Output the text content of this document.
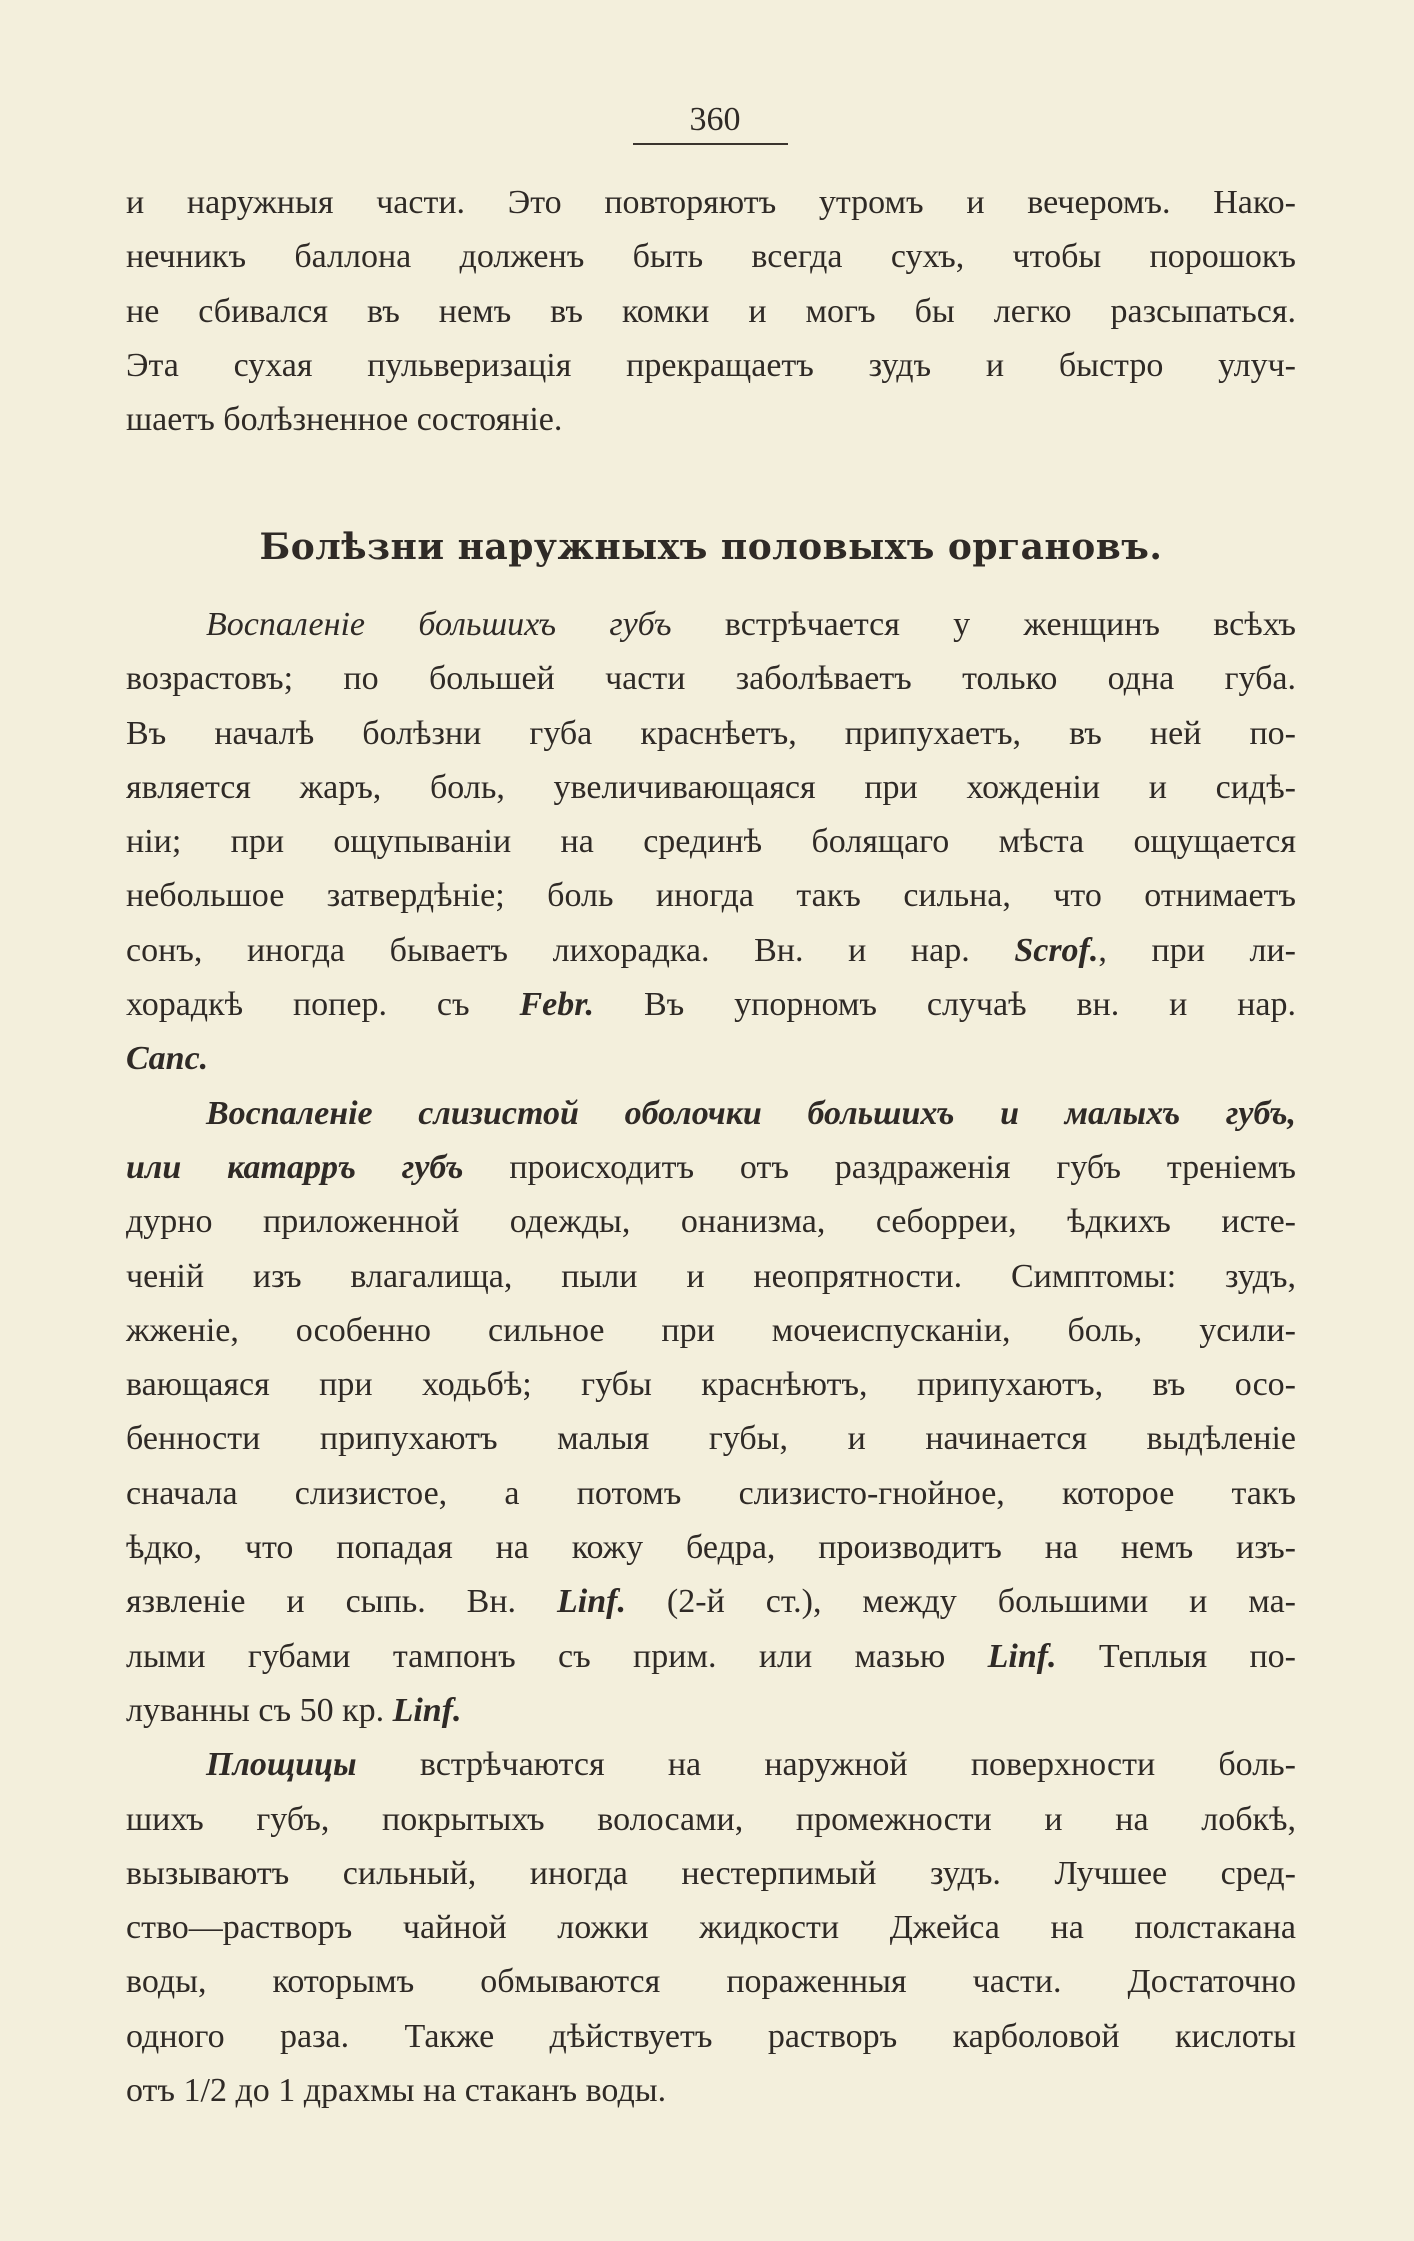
360
и наружныя части. Это повторяютъ утромъ и вечеромъ. Нако-
нечникъ баллона долженъ быть всегда сухъ, чтобы порошокъ
не сбивался въ немъ въ комки и могъ бы легко разсыпаться.
Эта сухая пульверизація прекращаетъ зудъ и быстро улуч-
шаетъ болѣзненное состояніе.
Болѣзни наружныхъ половыхъ органовъ.
Воспаленіе большихъ губъ встрѣчается у женщинъ всѣхъ
возрастовъ; по большей части заболѣваетъ только одна губа.
Въ началѣ болѣзни губа краснѣетъ, припухаетъ, въ ней по-
является жаръ, боль, увеличивающаяся при хожденіи и сидѣ-
ніи; при ощупываніи на срединѣ болящаго мѣста ощущается
небольшое затвердѣніе; боль иногда такъ сильна, что отнимаетъ
сонъ, иногда бываетъ лихорадка. Вн. и нар. Scrof., при ли-
хорадкѣ попер. съ Febr. Въ упорномъ случаѣ вн. и нар.
Canc.
Воспаленіе слизистой оболочки большихъ и малыхъ губъ,
или катарръ губъ происходитъ отъ раздраженія губъ треніемъ
дурно приложенной одежды, онанизма, себорреи, ѣдкихъ исте-
ченій изъ влагалища, пыли и неопрятности. Симптомы: зудъ,
жженіе, особенно сильное при мочеиспусканіи, боль, усили-
вающаяся при ходьбѣ; губы краснѣютъ, припухаютъ, въ осо-
бенности припухаютъ малыя губы, и начинается выдѣленіе
сначала слизистое, а потомъ слизисто-гнойное, которое такъ
ѣдко, что попадая на кожу бедра, производитъ на немъ изъ-
язвленіе и сыпь. Вн. Linf. (2-й ст.), между большими и ма-
лыми губами тампонъ съ прим. или мазью Linf. Теплыя по-
луванны съ 50 кр. Linf.
Площицы встрѣчаются на наружной поверхности боль-
шихъ губъ, покрытыхъ волосами, промежности и на лобкѣ,
вызываютъ сильный, иногда нестерпимый зудъ. Лучшее сред-
ство—растворъ чайной ложки жидкости Джейса на полстакана
воды, которымъ обмываются пораженныя части. Достаточно
одного раза. Также дѣйствуетъ растворъ карболовой кислоты
отъ 1/2 до 1 драхмы на стаканъ воды.
